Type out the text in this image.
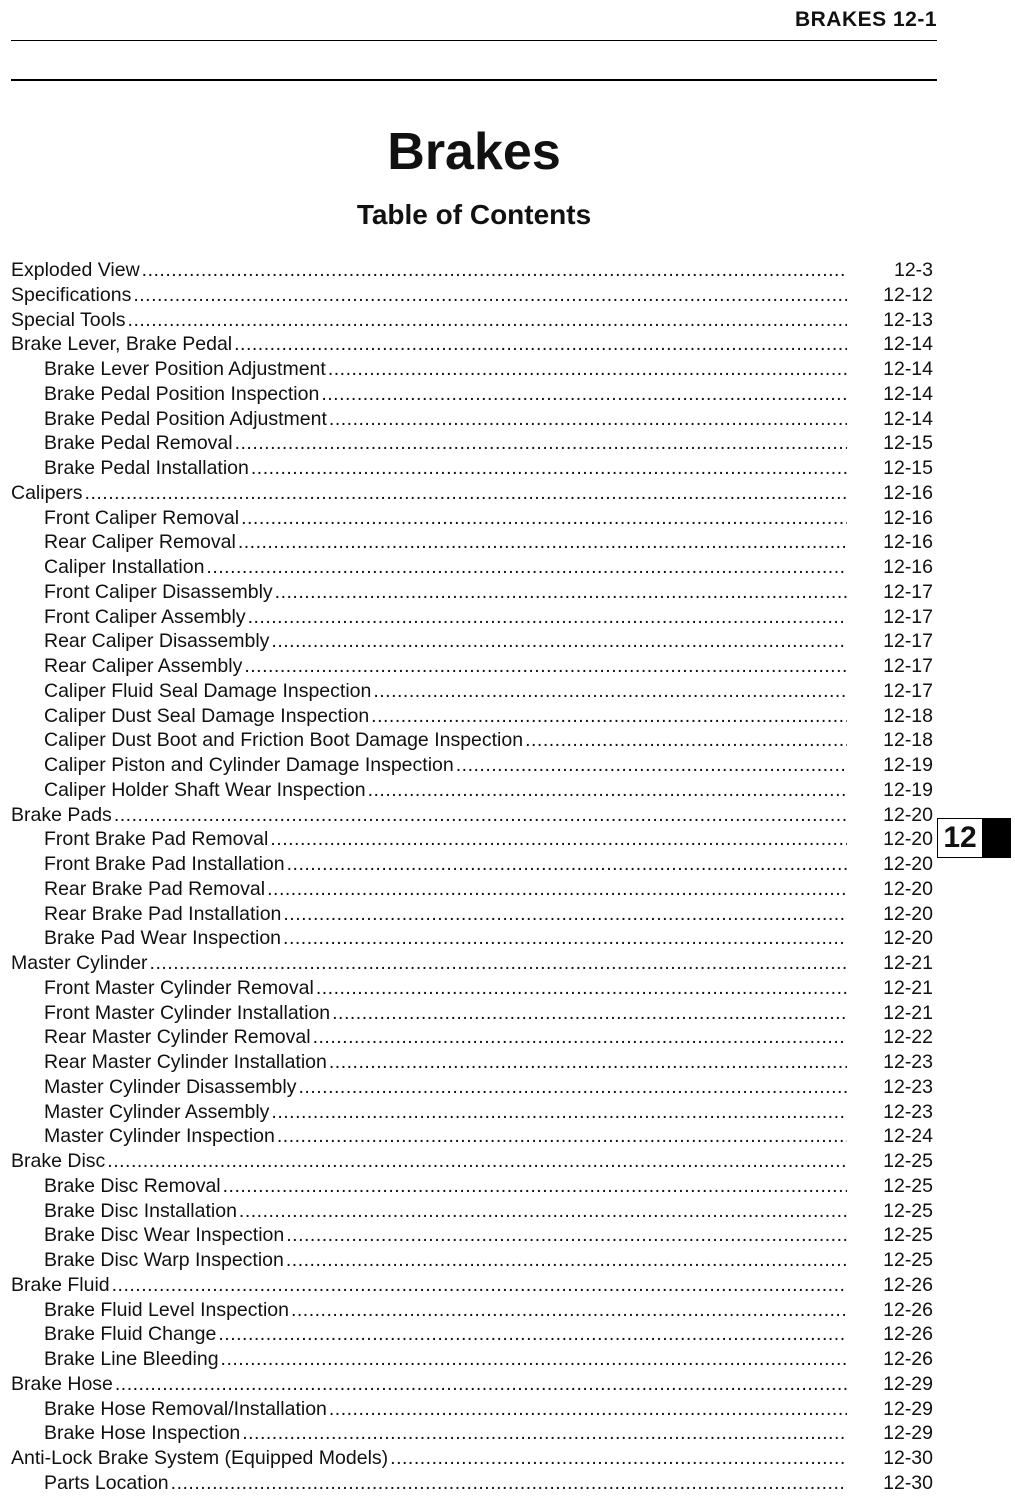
BRAKES 12-1
Brakes
Table of Contents
Exploded View .....	12-3
Specifications .....	12-12
Special Tools .....	12-13
Brake Lever, Brake Pedal .....	12-14
Brake Lever Position Adjustment .....	12-14
Brake Pedal Position Inspection .....	12-14
Brake Pedal Position Adjustment .....	12-14
Brake Pedal Removal .....	12-15
Brake Pedal Installation .....	12-15
Calipers .....	12-16
Front Caliper Removal .....	12-16
Rear Caliper Removal .....	12-16
Caliper Installation .....	12-16
Front Caliper Disassembly .....	12-17
Front Caliper Assembly .....	12-17
Rear Caliper Disassembly .....	12-17
Rear Caliper Assembly .....	12-17
Caliper Fluid Seal Damage Inspection .....	12-17
Caliper Dust Seal Damage Inspection .....	12-18
Caliper Dust Boot and Friction Boot Damage Inspection .....	12-18
Caliper Piston and Cylinder Damage Inspection .....	12-19
Caliper Holder Shaft Wear Inspection .....	12-19
Brake Pads .....	12-20
Front Brake Pad Removal .....	12-20
Front Brake Pad Installation .....	12-20
Rear Brake Pad Removal .....	12-20
Rear Brake Pad Installation .....	12-20
Brake Pad Wear Inspection .....	12-20
Master Cylinder .....	12-21
Front Master Cylinder Removal .....	12-21
Front Master Cylinder Installation .....	12-21
Rear Master Cylinder Removal .....	12-22
Rear Master Cylinder Installation .....	12-23
Master Cylinder Disassembly .....	12-23
Master Cylinder Assembly .....	12-23
Master Cylinder Inspection .....	12-24
Brake Disc .....	12-25
Brake Disc Removal .....	12-25
Brake Disc Installation .....	12-25
Brake Disc Wear Inspection .....	12-25
Brake Disc Warp Inspection .....	12-25
Brake Fluid .....	12-26
Brake Fluid Level Inspection .....	12-26
Brake Fluid Change .....	12-26
Brake Line Bleeding .....	12-26
Brake Hose .....	12-29
Brake Hose Removal/Installation .....	12-29
Brake Hose Inspection .....	12-29
Anti-Lock Brake System (Equipped Models) .....	12-30
Parts Location .....	12-30
12
